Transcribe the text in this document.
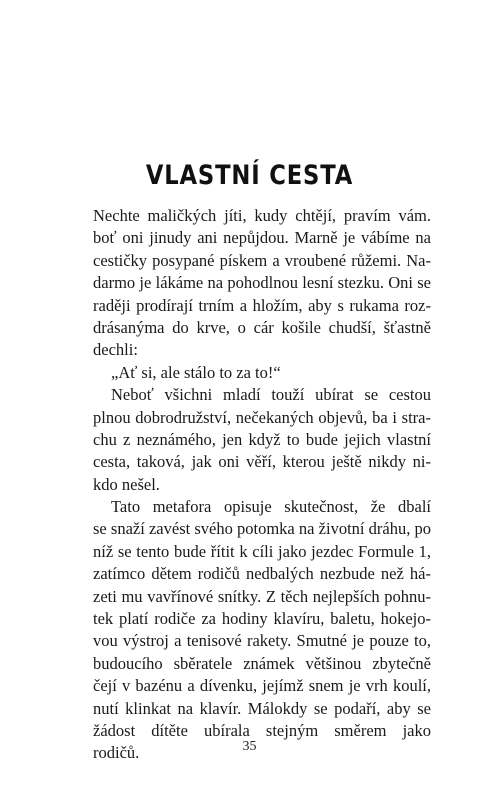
VLASTNÍ CESTA
Nechte maličkých jíti, kudy chtějí, pravím vám.
boť oni jinudy ani nepůjdou. Marně je vábíme na
cestičky posypané pískem a vroubené růžemi. Na-
darmo je lákáme na pohodlnou lesní stezku. Oni se
raději prodírají trním a hložím, aby s rukama roz-
drásanýma do krve, o cár košile chudší, šťastně
dechli:
„Ať si, ale stálo to za to!“
Neboť všichni mladí touží ubírat se cestou
plnou dobrodružství, nečekaných objevů, ba i stra-
chu z neznámého, jen když to bude jejich vlastní
cesta, taková, jak oni věří, kterou ještě nikdy ni-
kdo nešel.
Tato metafora opisuje skutečnost, že dbalí
se snaží zavést svého potomka na životní dráhu, po
níž se tento bude řítit k cíli jako jezdec Formule 1,
zatímco dětem rodičů nedbalých nezbude než há-
zeti mu vavřínové snítky. Z těch nejlepších pohnu-
tek platí rodiče za hodiny klavíru, baletu, hokejo-
vou výstroj a tenisové rakety. Smutné je pouze to,
budoucího sběratele známek většinou zbytečně
čejí v bazénu a dívenku, jejímž snem je vrh koulí,
nutí klinkat na klavír. Málokdy se podaří, aby se
žádost dítěte ubírala stejným směrem jako
rodičů.	35
